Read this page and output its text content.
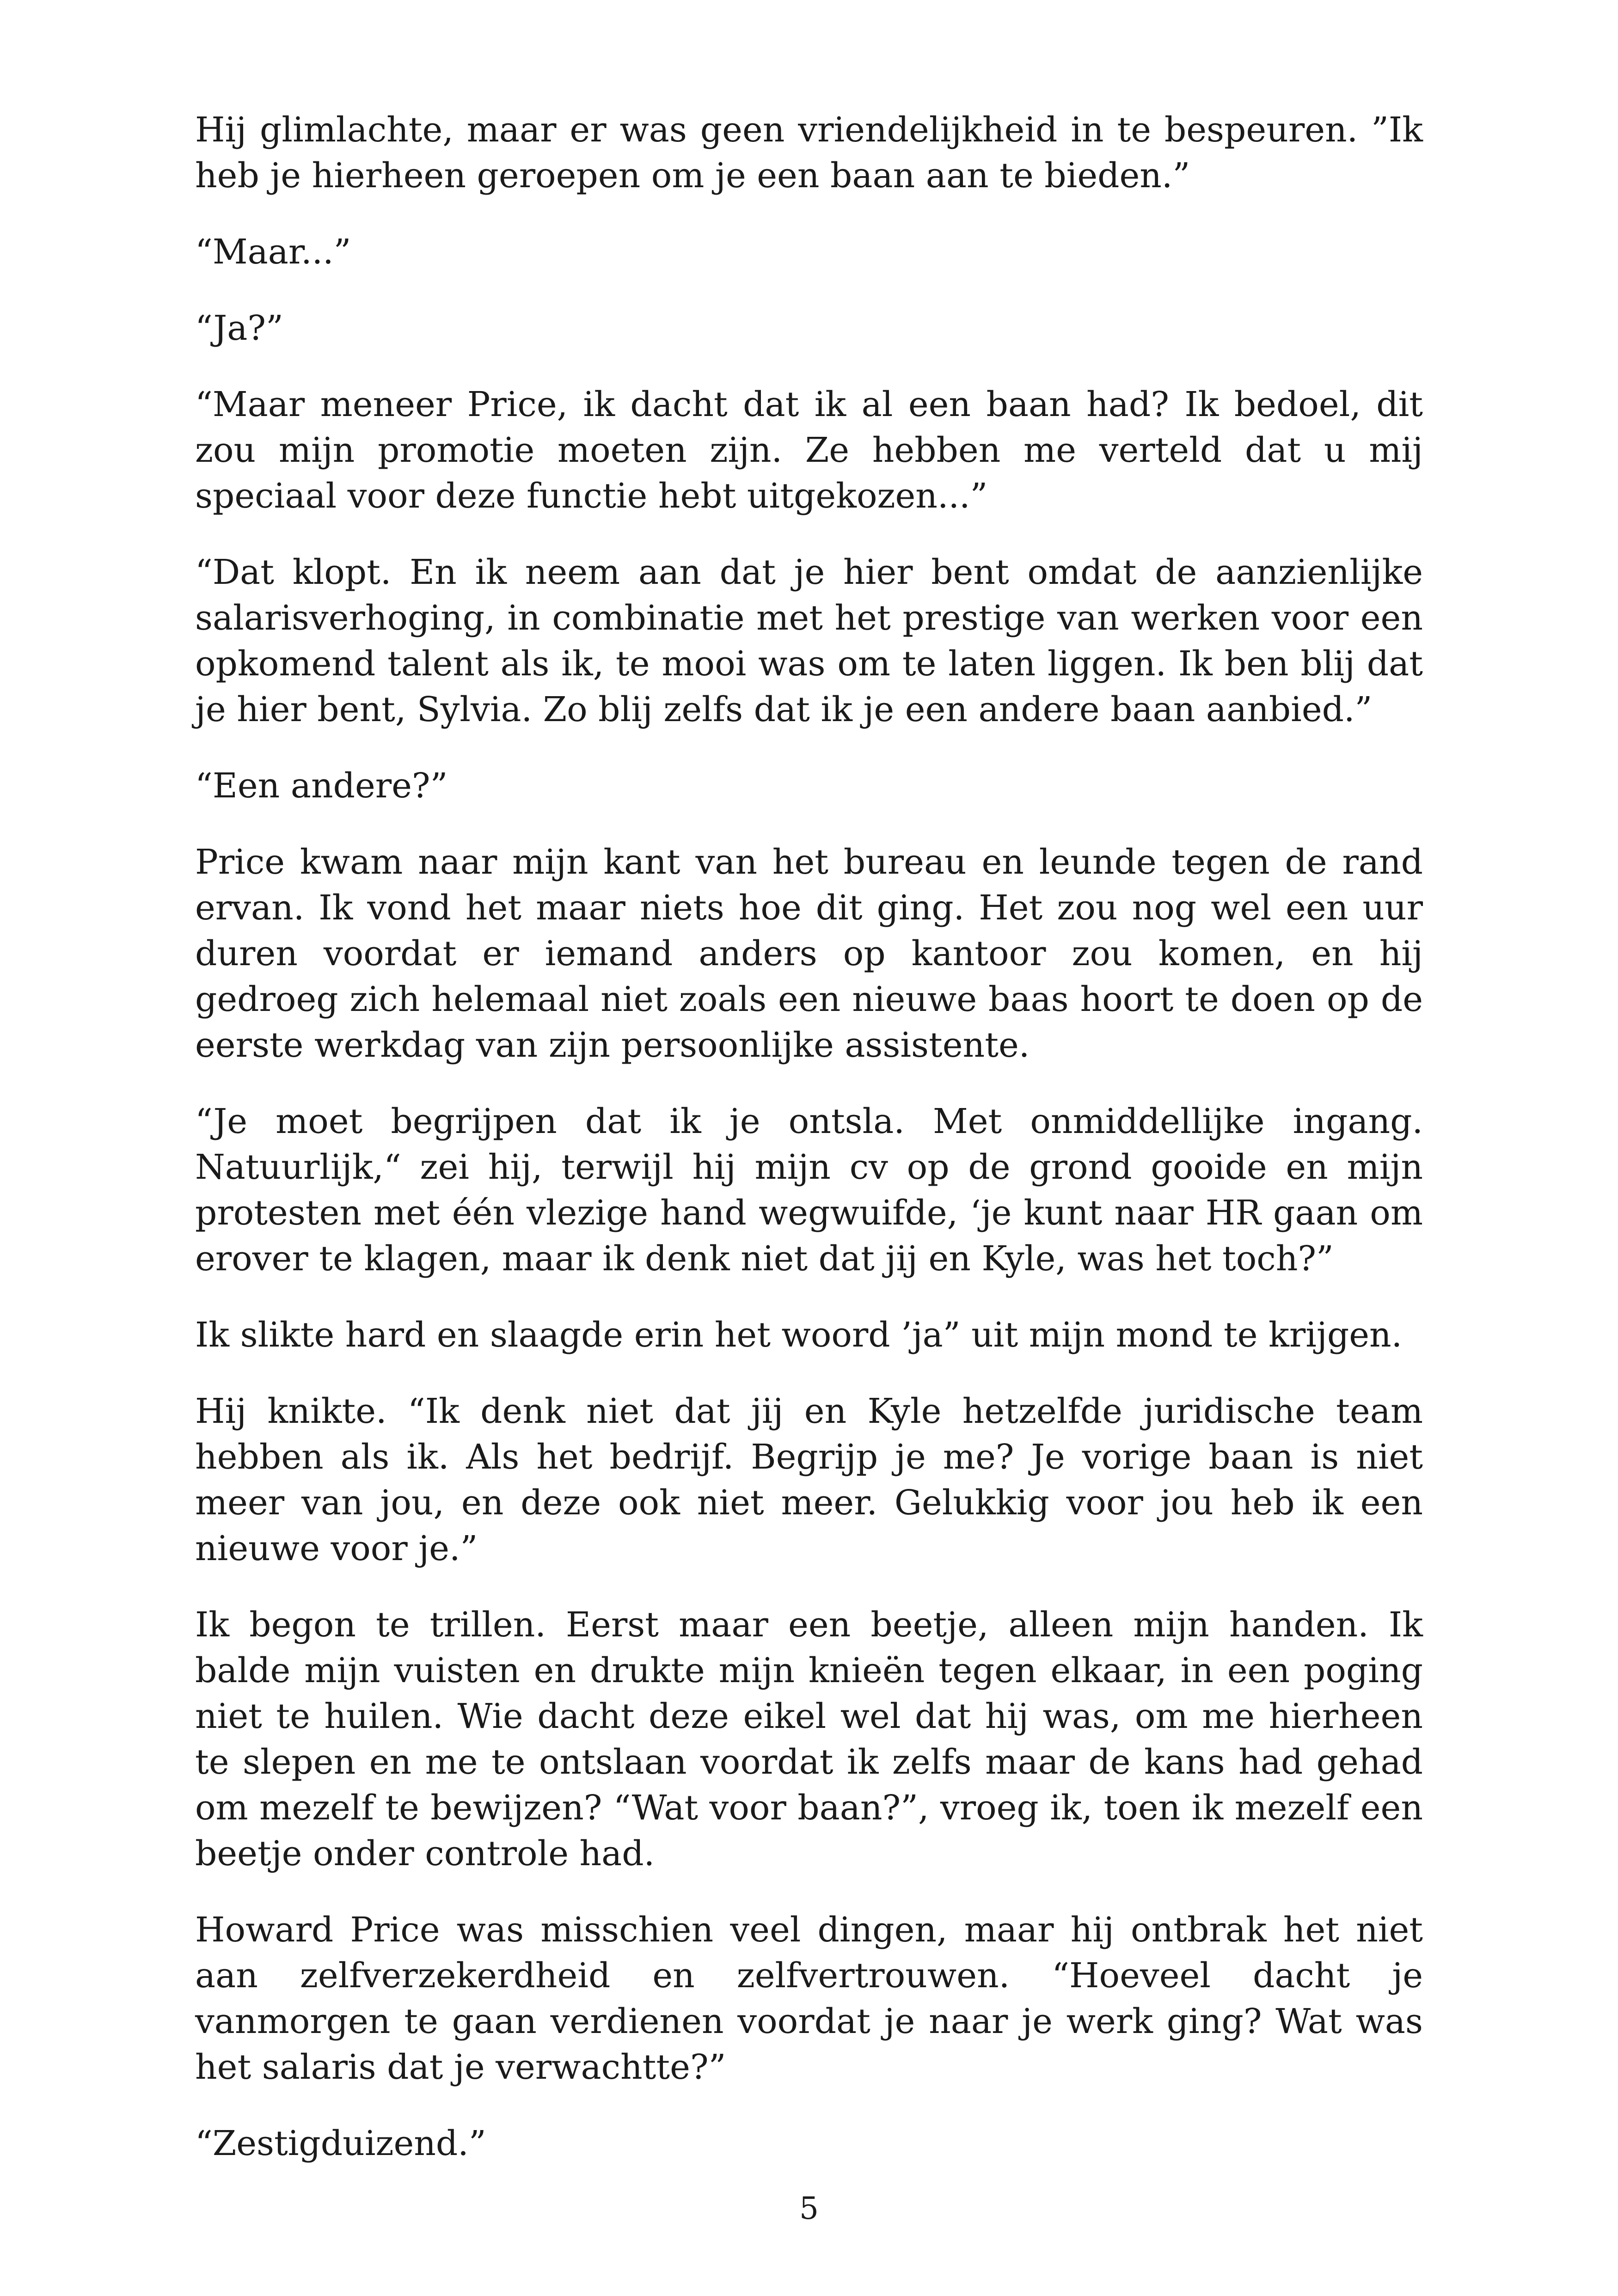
Hij glimlachte, maar er was geen vriendelijkheid in te bespeuren. ”Ik heb je hierheen geroepen om je een baan aan te bieden.”

“Maar...”

“Ja?”

“Maar meneer Price, ik dacht dat ik al een baan had? Ik bedoel, dit zou mijn promotie moeten zijn. Ze hebben me verteld dat u mij speciaal voor deze functie hebt uitgekozen...”

“Dat klopt. En ik neem aan dat je hier bent omdat de aanzienlijke salarisverhoging, in combinatie met het prestige van werken voor een opkomend talent als ik, te mooi was om te laten liggen. Ik ben blij dat je hier bent, Sylvia. Zo blij zelfs dat ik je een andere baan aanbied.”

“Een andere?”

Price kwam naar mijn kant van het bureau en leunde tegen de rand ervan. Ik vond het maar niets hoe dit ging. Het zou nog wel een uur duren voordat er iemand anders op kantoor zou komen, en hij gedroeg zich helemaal niet zoals een nieuwe baas hoort te doen op de eerste werkdag van zijn persoonlijke assistente.

“Je moet begrijpen dat ik je ontsla. Met onmiddellijke ingang. Natuurlijk,“ zei hij, terwijl hij mijn cv op de grond gooide en mijn protesten met één vlezige hand wegwuifde, ‘je kunt naar HR gaan om erover te klagen, maar ik denk niet dat jij en Kyle, was het toch?”

Ik slikte hard en slaagde erin het woord ’ja” uit mijn mond te krijgen.

Hij knikte. “Ik denk niet dat jij en Kyle hetzelfde juridische team hebben als ik. Als het bedrijf. Begrijp je me? Je vorige baan is niet meer van jou, en deze ook niet meer. Gelukkig voor jou heb ik een nieuwe voor je.”

Ik begon te trillen. Eerst maar een beetje, alleen mijn handen. Ik balde mijn vuisten en drukte mijn knieën tegen elkaar, in een poging niet te huilen. Wie dacht deze eikel wel dat hij was, om me hierheen te slepen en me te ontslaan voordat ik zelfs maar de kans had gehad om mezelf te bewijzen? “Wat voor baan?”, vroeg ik, toen ik mezelf een beetje onder controle had.

Howard Price was misschien veel dingen, maar hij ontbrak het niet aan zelfverzekerdheid en zelfvertrouwen. “Hoeveel dacht je vanmorgen te gaan verdienen voordat je naar je werk ging? Wat was het salaris dat je verwachtte?”

“Zestigduizend.”

5
